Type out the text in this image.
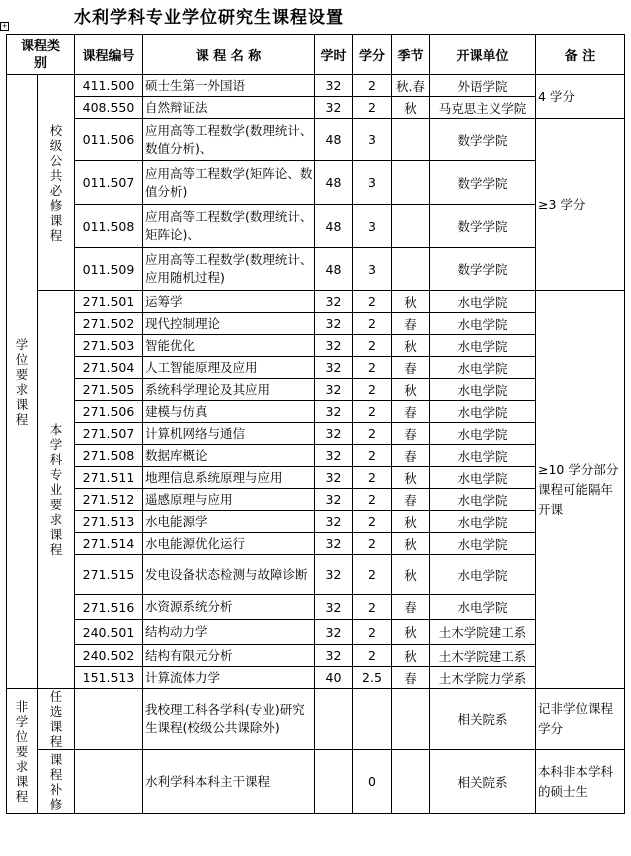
水利学科专业学位研究生课程设置
+
课程类别		课程编号	课 程 名 称	学时	学分	季节	开课单位	备 注
学位要求课程	校级公共必修课程	411.500	硕士生第一外国语	32	2	秋.春	外语学院	4 学分
		408.550	自然辩证法	32	2	秋	马克思主义学院	
		011.506	应用高等工程数学(数理统计、数值分析)、	48	3		数学学院	≥3 学分
		011.507	应用高等工程数学(矩阵论、数值分析)	48	3		数学学院	
		011.508	应用高等工程数学(数理统计、矩阵论)、	48	3		数学学院	
		011.509	应用高等工程数学(数理统计、应用随机过程)	48	3		数学学院	
	本学科专业要求课程	271.501	运筹学	32	2	秋	水电学院	≥10 学分部分课程可能隔年开课
		271.502	现代控制理论	32	2	春	水电学院	
		271.503	智能优化	32	2	秋	水电学院	
		271.504	人工智能原理及应用	32	2	春	水电学院	
		271.505	系统科学理论及其应用	32	2	秋	水电学院	
		271.506	建模与仿真	32	2	春	水电学院	
		271.507	计算机网络与通信	32	2	春	水电学院	
		271.508	数据库概论	32	2	春	水电学院	
		271.511	地理信息系统原理与应用	32	2	秋	水电学院	
		271.512	遥感原理与应用	32	2	春	水电学院	
		271.513	水电能源学	32	2	秋	水电学院	
		271.514	水电能源优化运行	32	2	秋	水电学院	
		271.515	发电设备状态检测与故障诊断	32	2	秋	水电学院	
		271.516	水资源系统分析	32	2	春	水电学院	
		240.501	结构动力学	32	2	秋	土木学院建工系	
		240.502	结构有限元分析	32	2	秋	土木学院建工系	
		151.513	计算流体力学	40	2.5	春	土木学院力学系	
非学位要求课程	任选课程		我校理工科各学科(专业)研究生课程(校级公共课除外)				相关院系	记非学位课程学分
	课程补修		水利学科本科主干课程		0		相关院系	本科非本学科的硕士生
